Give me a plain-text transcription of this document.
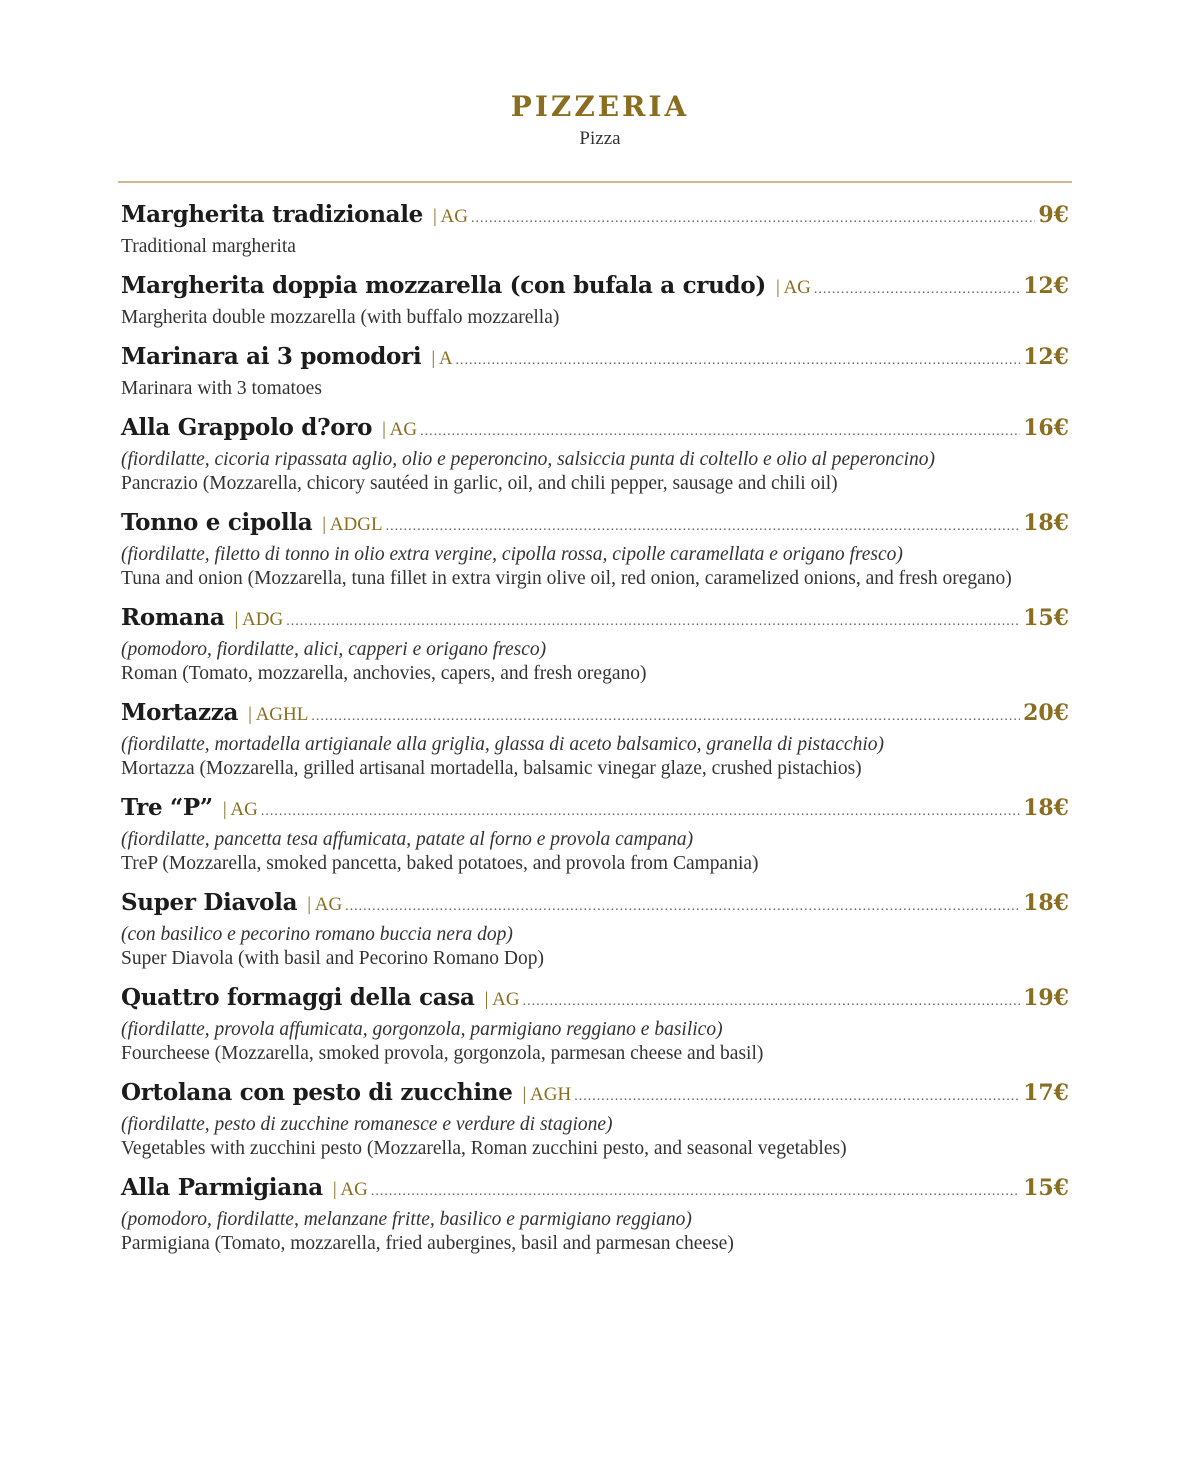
PIZZERIA
Pizza
Margherita tradizionale | AG .....	9€
Traditional margherita
Margherita doppia mozzarella (con bufala a crudo) | AG .....	12€
Margherita double mozzarella (with buffalo mozzarella)
Marinara ai 3 pomodori | A .....	12€
Marinara with 3 tomatoes
Alla Grappolo d?oro | AG .....	16€
(fiordilatte, cicoria ripassata aglio, olio e peperoncino, salsiccia punta di coltello e olio al peperoncino)
Pancrazio (Mozzarella, chicory sautéed in garlic, oil, and chili pepper, sausage and chili oil)
Tonno e cipolla | ADGL .....	18€
(fiordilatte, filetto di tonno in olio extra vergine, cipolla rossa, cipolle caramellata e origano fresco)
Tuna and onion (Mozzarella, tuna fillet in extra virgin olive oil, red onion, caramelized onions, and fresh oregano)
Romana | ADG .....	15€
(pomodoro, fiordilatte, alici, capperi e origano fresco)
Roman (Tomato, mozzarella, anchovies, capers, and fresh oregano)
Mortazza | AGHL .....	20€
(fiordilatte, mortadella artigianale alla griglia, glassa di aceto balsamico, granella di pistacchio)
Mortazza (Mozzarella, grilled artisanal mortadella, balsamic vinegar glaze, crushed pistachios)
Tre “P” | AG .....	18€
(fiordilatte, pancetta tesa affumicata, patate al forno e provola campana)
TreP (Mozzarella, smoked pancetta, baked potatoes, and provola from Campania)
Super Diavola | AG .....	18€
(con basilico e pecorino romano buccia nera dop)
Super Diavola (with basil and Pecorino Romano Dop)
Quattro formaggi della casa | AG .....	19€
(fiordilatte, provola affumicata, gorgonzola, parmigiano reggiano e basilico)
Fourcheese (Mozzarella, smoked provola, gorgonzola, parmesan cheese and basil)
Ortolana con pesto di zucchine | AGH .....	17€
(fiordilatte, pesto di zucchine romanesce e verdure di stagione)
Vegetables with zucchini pesto (Mozzarella, Roman zucchini pesto, and seasonal vegetables)
Alla Parmigiana | AG .....	15€
(pomodoro, fiordilatte, melanzane fritte, basilico e parmigiano reggiano)
Parmigiana (Tomato, mozzarella, fried aubergines, basil and parmesan cheese)
